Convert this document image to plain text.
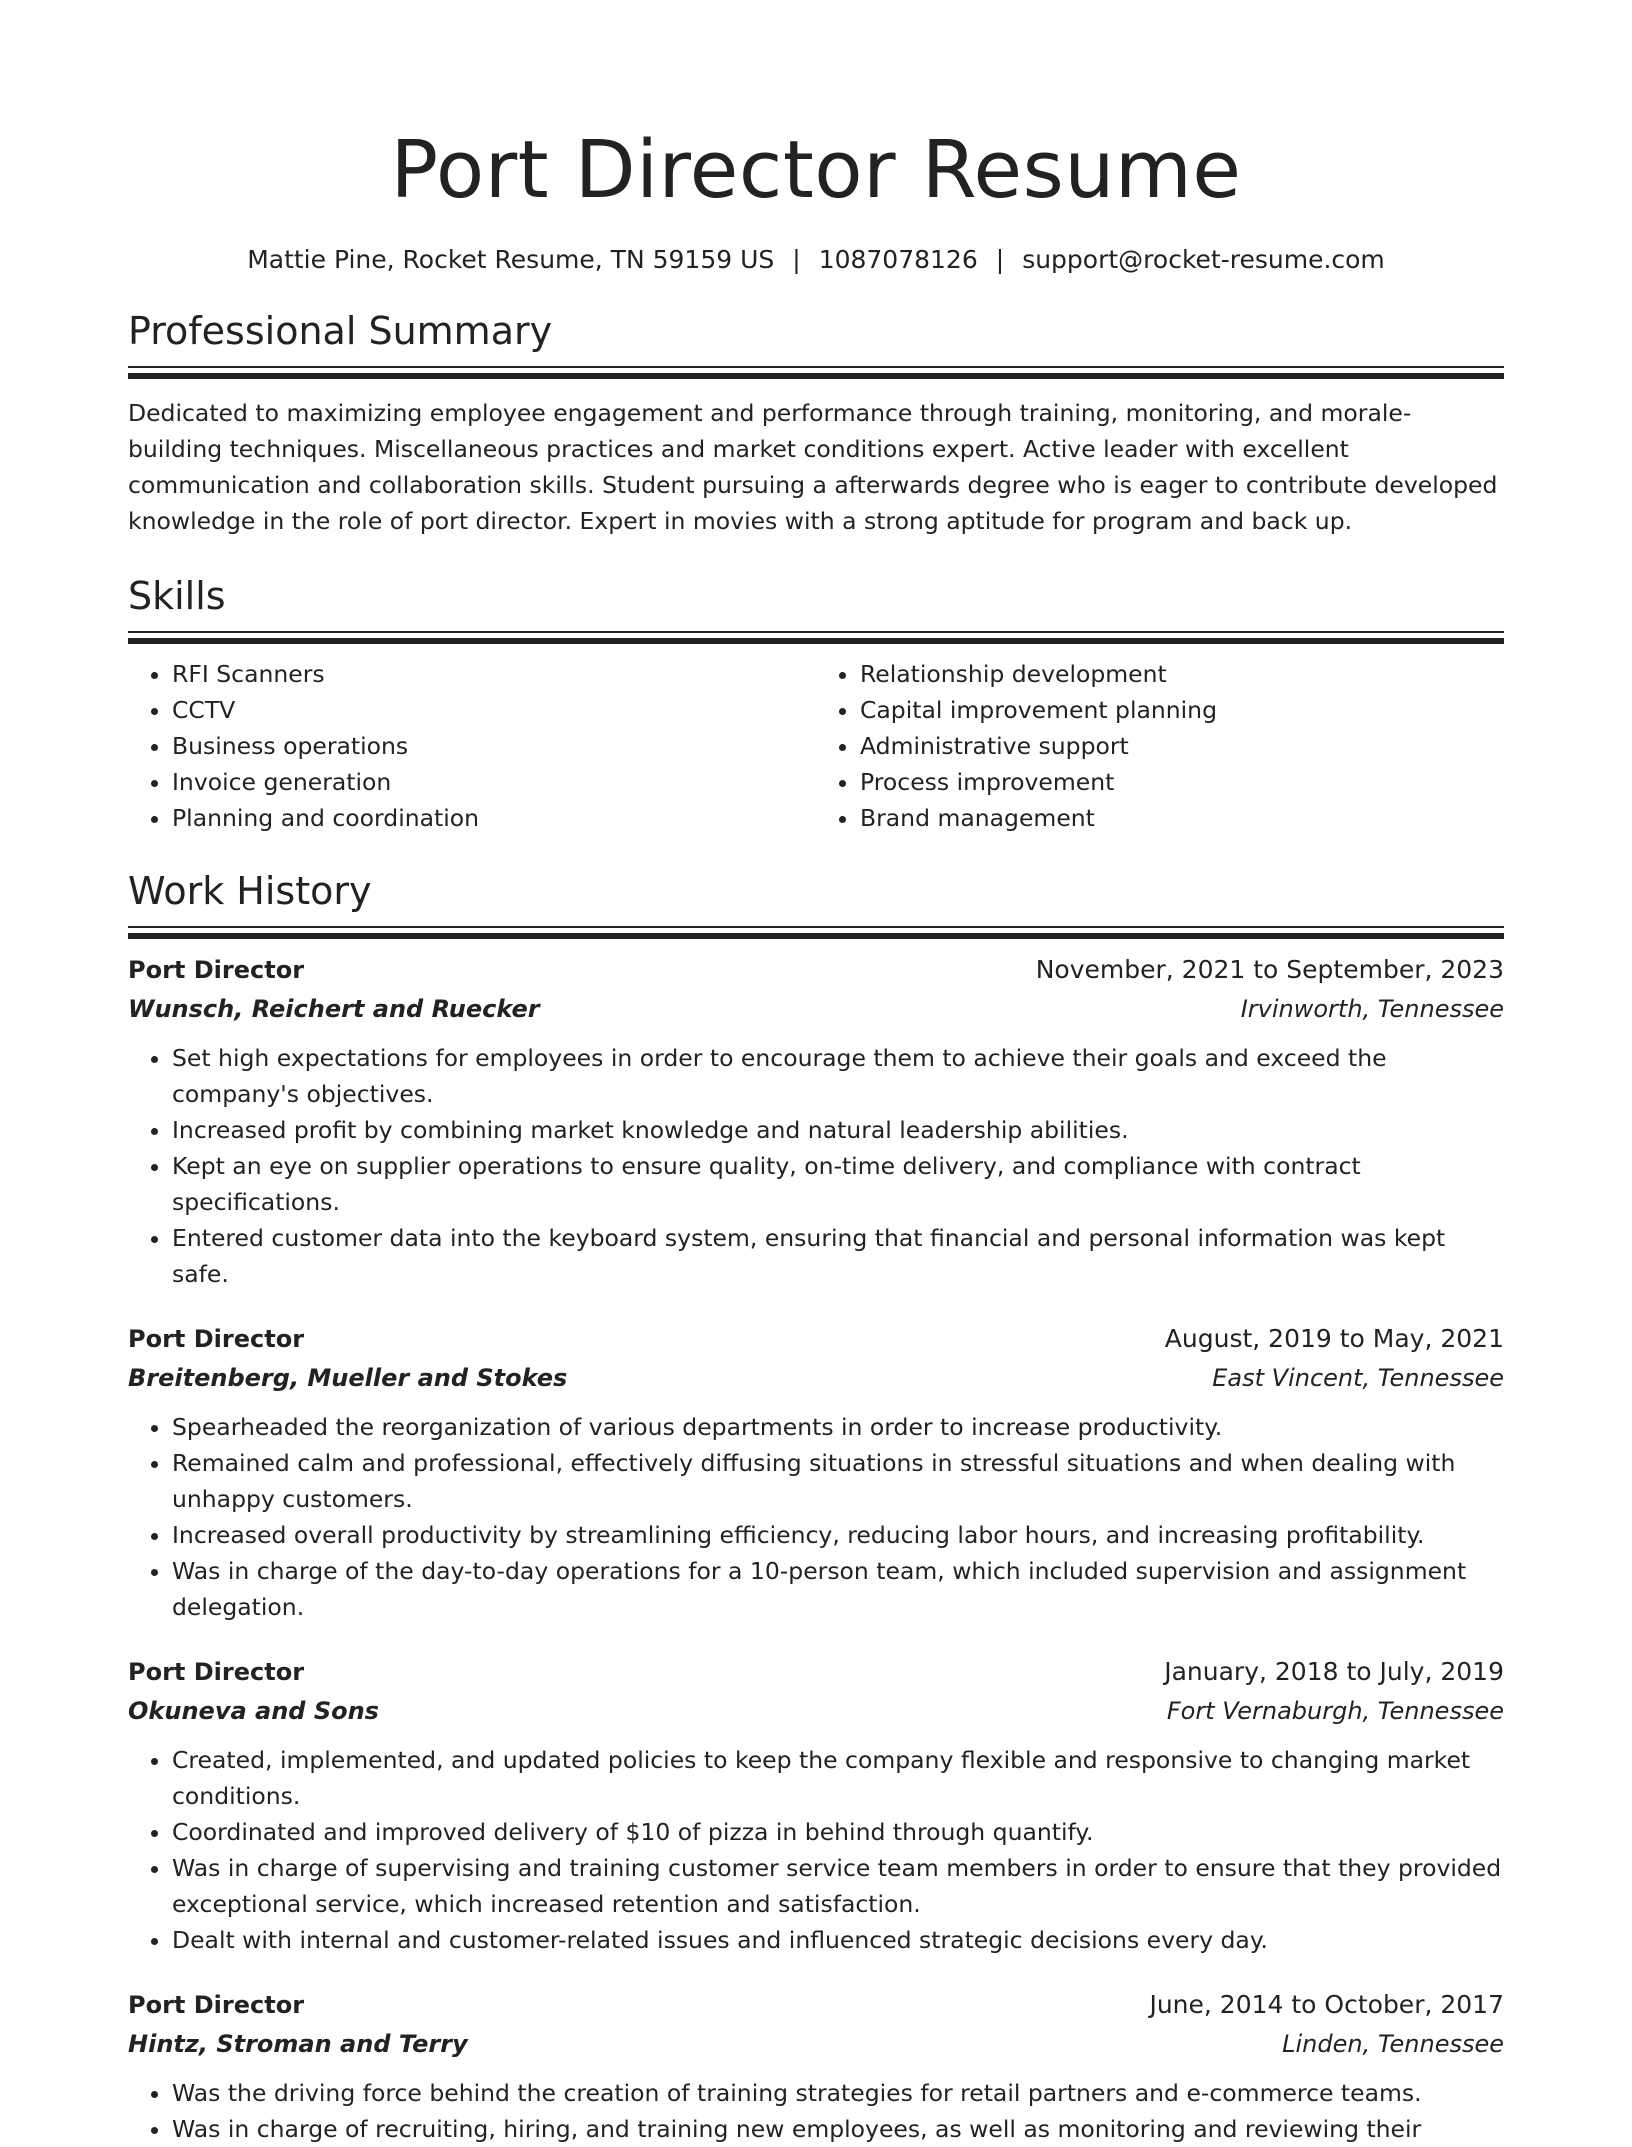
Port Director Resume
Mattie Pine, Rocket Resume, TN 59159 US | 1087078126 | support@rocket-resume.com
Professional Summary

Dedicated to maximizing employee engagement and performance through training, monitoring, and morale-building techniques. Miscellaneous practices and market conditions expert. Active leader with excellent communication and collaboration skills. Student pursuing a afterwards degree who is eager to contribute developed knowledge in the role of port director. Expert in movies with a strong aptitude for program and back up.

Skills
• RFI Scanners
• CCTV
• Business operations
• Invoice generation
• Planning and coordination
• Relationship development
• Capital improvement planning
• Administrative support
• Process improvement
• Brand management
Work History
Port Director	November, 2021 to September, 2023
Wunsch, Reichert and Ruecker	Irvinworth, Tennessee
• Set high expectations for employees in order to encourage them to achieve their goals and exceed the company's objectives.
• Increased profit by combining market knowledge and natural leadership abilities.
• Kept an eye on supplier operations to ensure quality, on-time delivery, and compliance with contract specifications.
• Entered customer data into the keyboard system, ensuring that financial and personal information was kept safe.
Port Director	August, 2019 to May, 2021
Breitenberg, Mueller and Stokes	East Vincent, Tennessee
• Spearheaded the reorganization of various departments in order to increase productivity.
• Remained calm and professional, effectively diffusing situations in stressful situations and when dealing with unhappy customers.
• Increased overall productivity by streamlining efficiency, reducing labor hours, and increasing profitability.
• Was in charge of the day-to-day operations for a 10-person team, which included supervision and assignment delegation.
Port Director	January, 2018 to July, 2019
Okuneva and Sons	Fort Vernaburgh, Tennessee
• Created, implemented, and updated policies to keep the company flexible and responsive to changing market conditions.
• Coordinated and improved delivery of $10 of pizza in behind through quantify.
• Was in charge of supervising and training customer service team members in order to ensure that they provided exceptional service, which increased retention and satisfaction.
• Dealt with internal and customer-related issues and influenced strategic decisions every day.
Port Director	June, 2014 to October, 2017
Hintz, Stroman and Terry	Linden, Tennessee
• Was the driving force behind the creation of training strategies for retail partners and e-commerce teams.
• Was in charge of recruiting, hiring, and training new employees, as well as monitoring and reviewing their
